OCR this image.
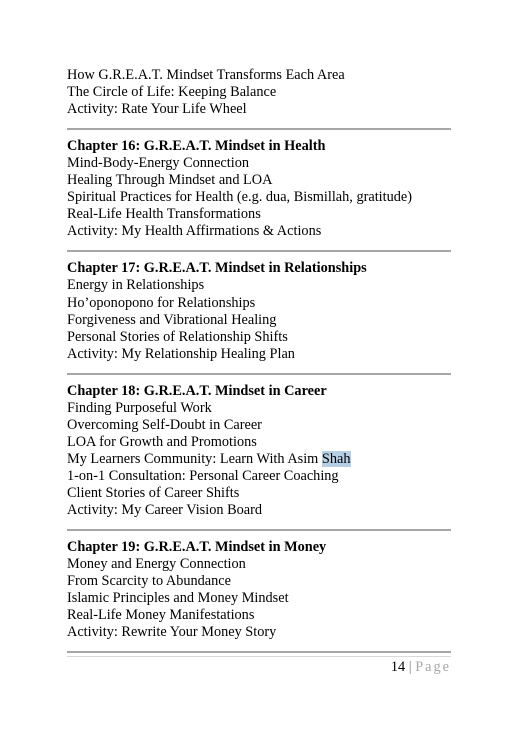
How G.R.E.A.T. Mindset Transforms Each Area
The Circle of Life: Keeping Balance
Activity: Rate Your Life Wheel
Chapter 16: G.R.E.A.T. Mindset in Health
Mind-Body-Energy Connection
Healing Through Mindset and LOA
Spiritual Practices for Health (e.g. dua, Bismillah, gratitude)
Real-Life Health Transformations
Activity: My Health Affirmations & Actions
Chapter 17: G.R.E.A.T. Mindset in Relationships
Energy in Relationships
Ho’oponopono for Relationships
Forgiveness and Vibrational Healing
Personal Stories of Relationship Shifts
Activity: My Relationship Healing Plan
Chapter 18: G.R.E.A.T. Mindset in Career
Finding Purposeful Work
Overcoming Self-Doubt in Career
LOA for Growth and Promotions
My Learners Community: Learn With Asim Shah
1-on-1 Consultation: Personal Career Coaching
Client Stories of Career Shifts
Activity: My Career Vision Board
Chapter 19: G.R.E.A.T. Mindset in Money
Money and Energy Connection
From Scarcity to Abundance
Islamic Principles and Money Mindset
Real-Life Money Manifestations
Activity: Rewrite Your Money Story
14 | Page
